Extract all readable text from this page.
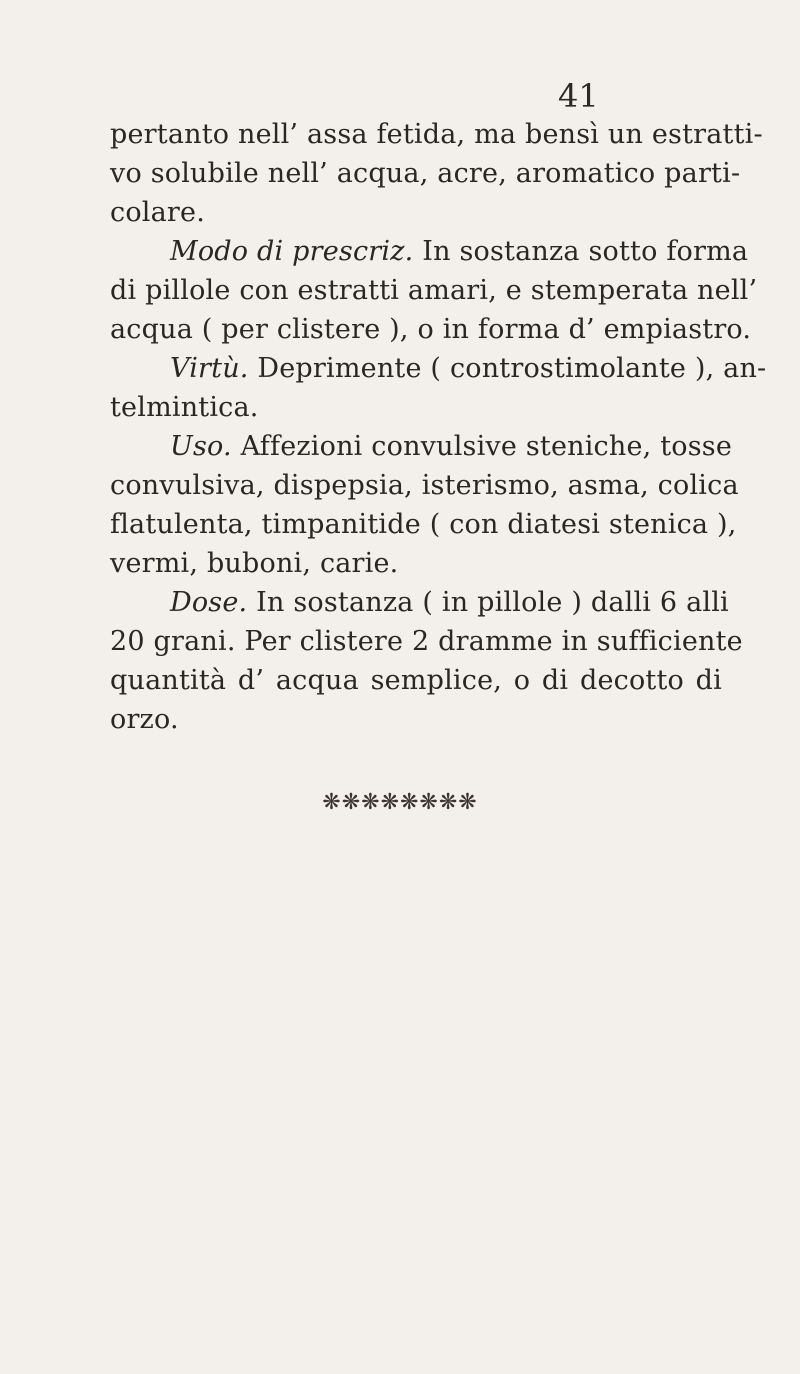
41
pertanto nell’ assa fetida, ma bensì un estratti-
vo solubile nell’ acqua, acre, aromatico parti-
colare.
Modo di prescriz. In sostanza sotto forma
di pillole con estratti amari, e stemperata nell’
acqua ( per clistere ), o in forma d’ empiastro.
Virtù. Deprimente ( controstimolante ), an-
telmintica.
Uso. Affezioni convulsive steniche, tosse
convulsiva, dispepsia, isterismo, asma, colica
flatulenta, timpanitide ( con diatesi stenica ),
vermi, buboni, carie.
Dose. In sostanza ( in pillole ) dalli 6 alli
20 grani. Per clistere 2 dramme in sufficiente
quantità d’ acqua semplice, o di decotto di
orzo.
❋❋❋❋❋❋❋❋
